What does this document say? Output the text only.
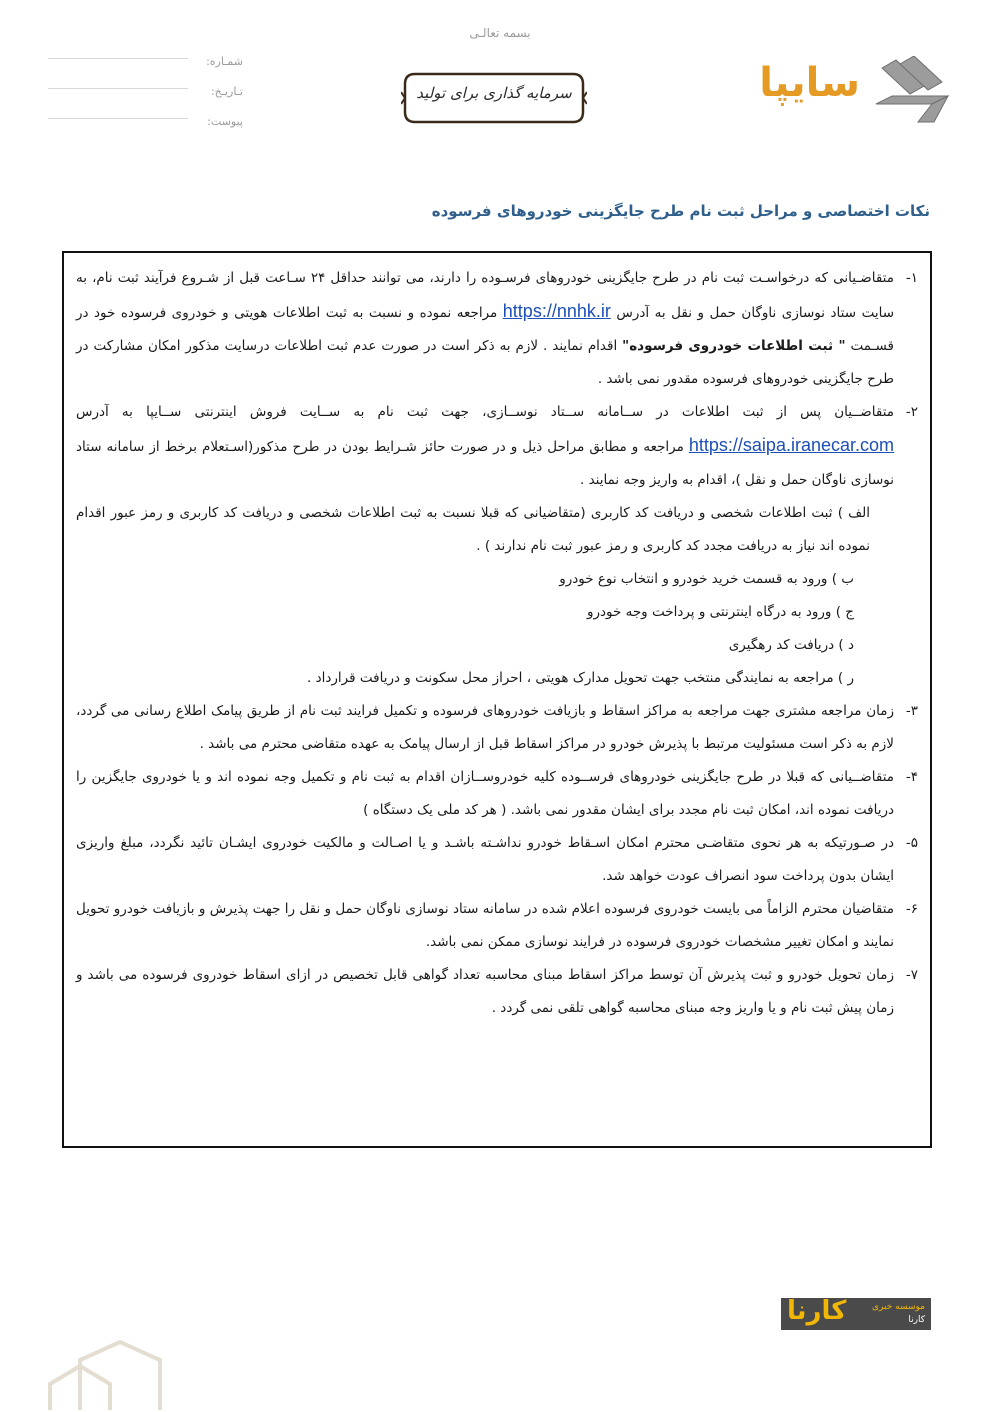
بسمه تعالـی
شمـاره:
تـاریـخ:
پیوست:
سرمایه گذاری برای تولید	سایپا
نکات اختصاصی و مراحل ثبت نام طرح جایگزینی خودروهای فرسوده
۱-
متقاضـیانی که درخواسـت ثبت نام در طرح جایگزینی خودروهای فرسـوده را دارند، می توانند حداقل ۲۴ سـاعت قبل از شـروع فرآیند ثبت نام، به سایت ستاد نوسازی ناوگان حمل و نقل به آدرس https://nnhk.ir مراجعه نموده و نسبت به ثبت اطلاعات هویتی و خودروی فرسوده خود در قسـمت " ثبت اطلاعات خودروی فرسوده" اقدام نمایند . لازم به ذکر است در صورت عدم ثبت اطلاعات درسایت مذکور امکان مشارکت در طرح جایگزینی خودروهای فرسوده مقدور نمی باشد .
۲-
متقاضــیان پس از ثبت اطلاعات در ســامانه ســتاد نوســازی، جهت ثبت نام به ســایت فروش اینترنتی ســایپا به آدرس https://saipa.iranecar.com مراجعه و مطابق مراحل ذیل و در صورت حائز شـرایط بودن در طرح مذکور(اسـتعلام برخط از سامانه ستاد نوسازی ناوگان حمل و نقل )، اقدام به واریز وجه نمایند .
الف ) ثبت اطلاعات شخصی و دریافت کد کاربری (متقاضیانی که قبلا نسبت به ثبت اطلاعات شخصی و دریافت کد کاربری و رمز عبور اقدام نموده اند نیاز به دریافت مجدد کد کاربری و رمز عبور ثبت نام ندارند ) .
ب ) ورود به قسمت خرید خودرو و انتخاب نوع خودرو
ج ) ورود به درگاه اینترنتی و پرداخت وجه خودرو
د ) دریافت کد رهگیری
ر ) مراجعه به نمایندگی منتخب جهت تحویل مدارک هویتی ، احراز محل سکونت و دریافت قرارداد .
۳-
زمان مراجعه مشتری جهت مراجعه به مراکز اسقاط و بازیافت خودروهای فرسوده و تکمیل فرایند ثبت نام از طریق پیامک اطلاع رسانی می گردد، لازم به ذکر است مسئولیت مرتبط با پذیرش خودرو در مراکز اسقاط قبل از ارسال پیامک به عهده متقاضی محترم می باشد .
۴-
متقاضــیانی که قبلا در طرح جایگزینی خودروهای فرســوده کلیه خودروســازان اقدام به ثبت نام و تکمیل وجه نموده اند و یا خودروی جایگزین را دریافت نموده اند، امکان ثبت نام مجدد برای ایشان مقدور نمی باشد. ( هر کد ملی یک دستگاه )
۵-
در صـورتیکه به هر نحوی متقاضـی محترم امکان اسـقاط خودرو نداشـته باشـد و یا اصـالت و مالکیت خودروی ایشـان تائید نگردد، مبلغ واریزی ایشان بدون پرداخت سود انصراف عودت خواهد شد.
۶-
متقاضیان محترم الزاماً می بایست خودروی فرسوده اعلام شده در سامانه ستاد نوسازی ناوگان حمل و نقل را جهت پذیرش و بازیافت خودرو تحویل نمایند و امکان تغییر مشخصات خودروی فرسوده در فرایند نوسازی ممکن نمی باشد.
۷-
زمان تحویل خودرو و ثبت پذیرش آن توسط مراکز اسقاط مبنای محاسبه تعداد گواهی قابل تخصیص در ازای اسقاط خودروی فرسوده می باشد و زمان پیش ثبت نام و یا واریز وجه مبنای محاسبه گواهی تلقی نمی گردد .
کارنا	موسسه خبری
کارنا
